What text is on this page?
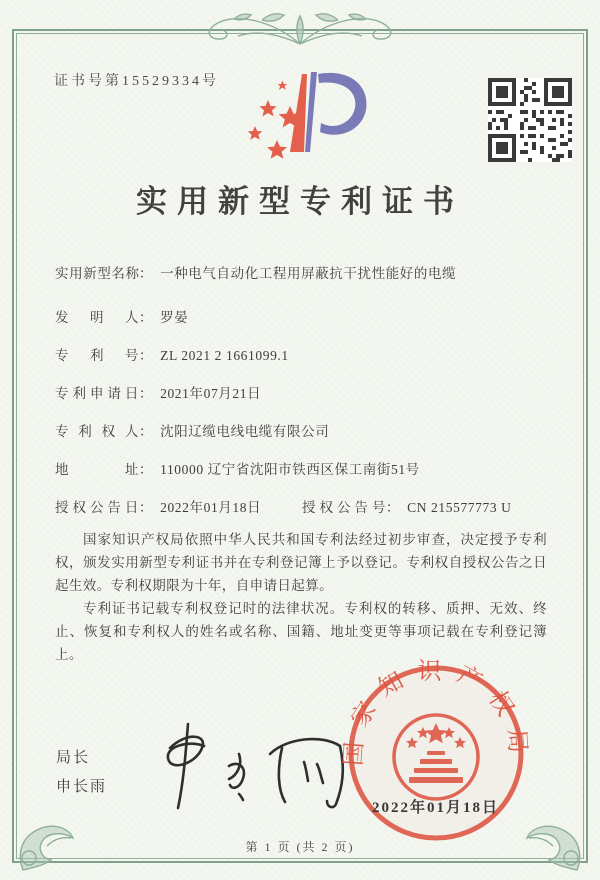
证书号第15529334号
实用新型专利证书
实用新型名称： 一种电气自动化工程用屏蔽抗干扰性能好的电缆
发明人： 罗晏
专利号： ZL 2021 2 1661099.1
专利申请日： 2021年07月21日
专利权人： 沈阳辽缆电线电缆有限公司
地址： 110000 辽宁省沈阳市铁西区保工南街51号
授权公告日： 2022年01月18日	授权公告号： CN 215577773 U

国家知识产权局依照中华人民共和国专利法经过初步审查，决定授予专利权，颁发实用新型专利证书并在专利登记簿上予以登记。专利权自授权公告之日起生效。专利权期限为十年，自申请日起算。

专利证书记载专利权登记时的法律状况。专利权的转移、质押、无效、终止、恢复和专利权人的姓名或名称、国籍、地址变更等事项记载在专利登记簿上。

局长
申长雨
国家知识产权局
2022年01月18日
第 1 页 (共 2 页)
